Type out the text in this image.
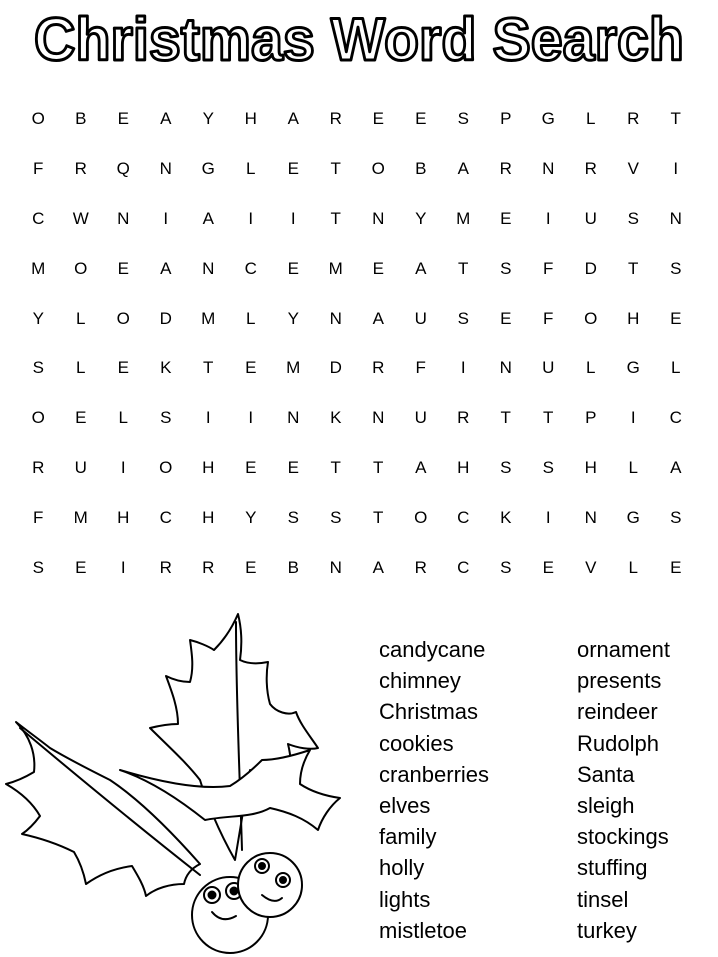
Christmas Word Search
O	B	E	A	Y	H	A	R	E	E	S	P	G	L	R	T
F	R	Q	N	G	L	E	T	O	B	A	R	N	R	V	I
C	W	N	I	A	I	I	T	N	Y	M	E	I	U	S	N
M	O	E	A	N	C	E	M	E	A	T	S	F	D	T	S
Y	L	O	D	M	L	Y	N	A	U	S	E	F	O	H	E
S	L	E	K	T	E	M	D	R	F	I	N	U	L	G	L
O	E	L	S	I	I	N	K	N	U	R	T	T	P	I	C
R	U	I	O	H	E	E	T	T	A	H	S	S	H	L	A
F	M	H	C	H	Y	S	S	T	O	C	K	I	N	G	S
S	E	I	R	R	E	B	N	A	R	C	S	E	V	L	E
candycane
chimney
Christmas
cookies
cranberries
elves
family
holly
lights
mistletoe
ornament
presents
reindeer
Rudolph
Santa
sleigh
stockings
stuffing
tinsel
turkey
